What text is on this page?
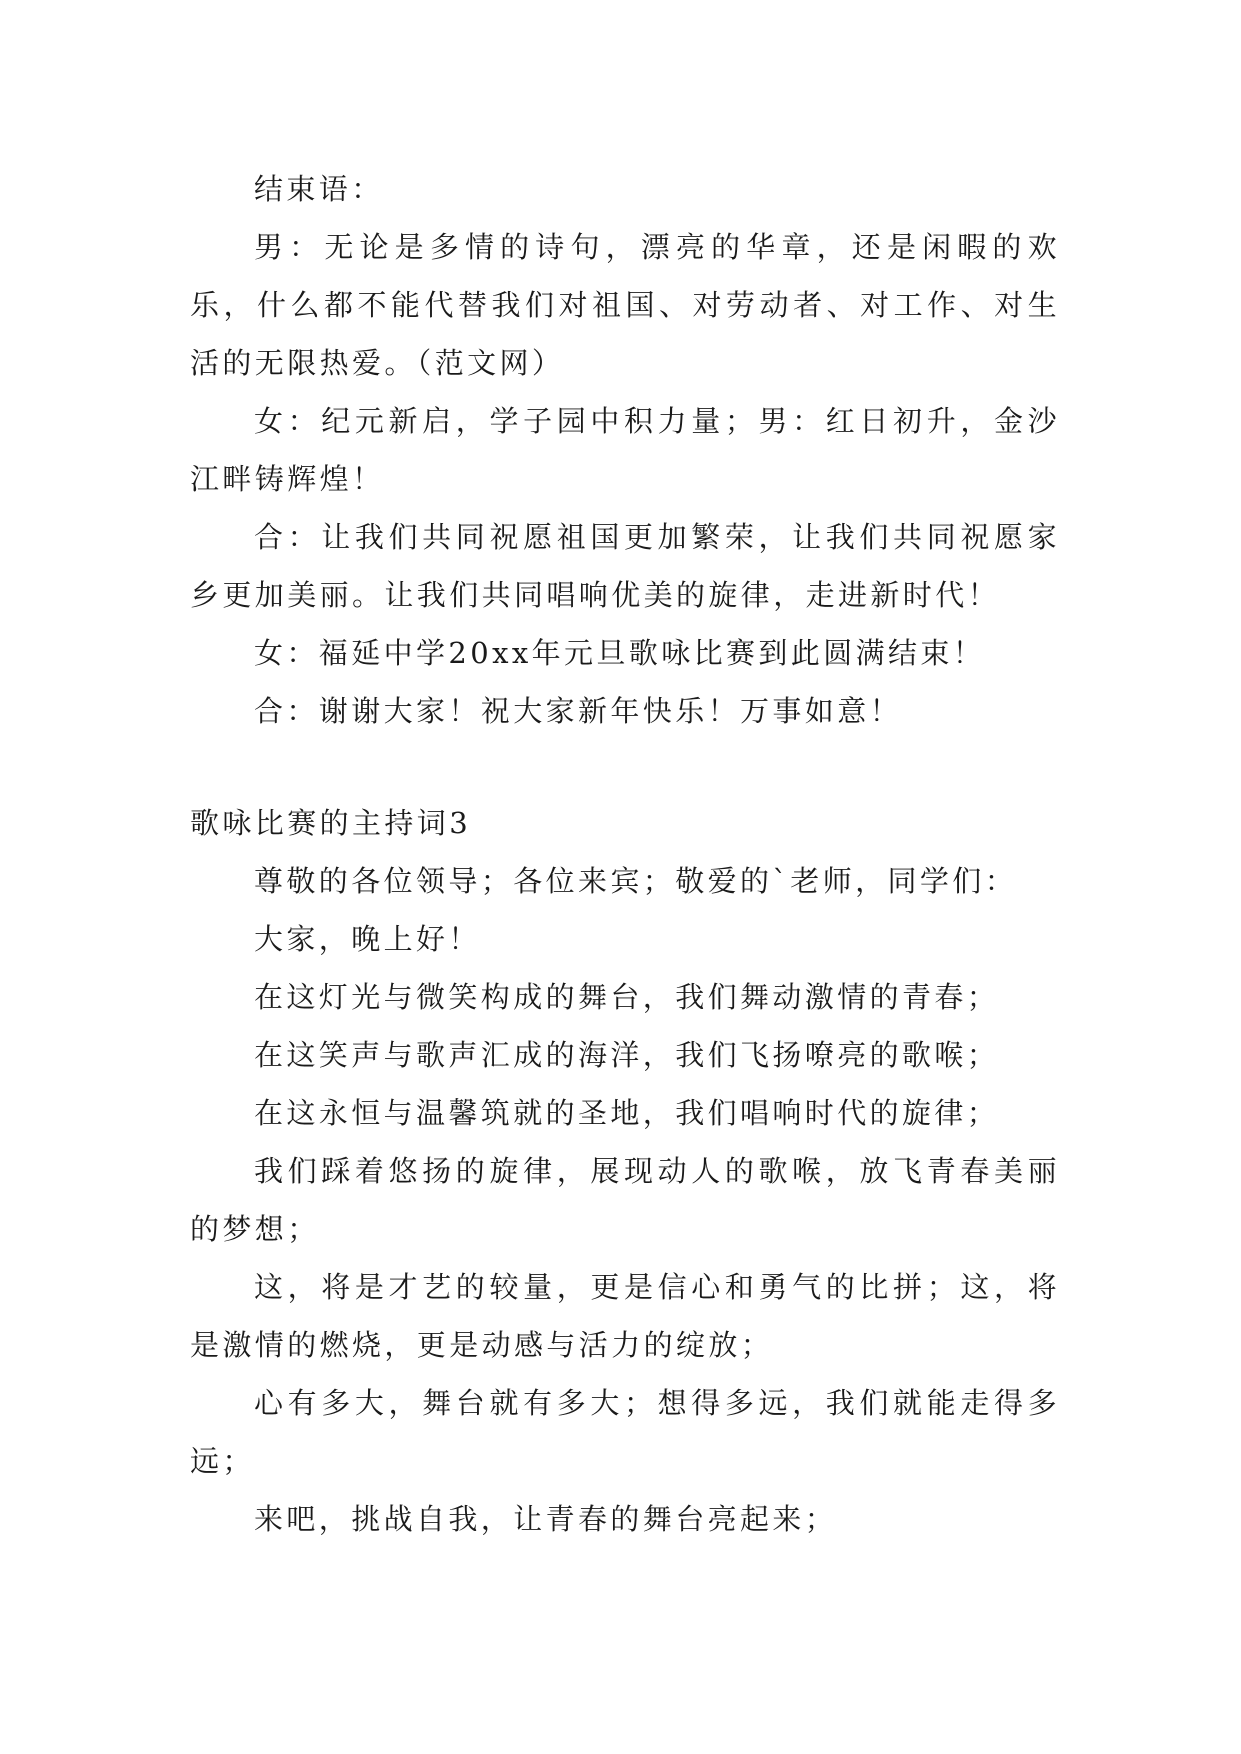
结束语：

男：无论是多情的诗句，漂亮的华章，还是闲暇的欢乐，什么都不能代替我们对祖国、对劳动者、对工作、对生活的无限热爱。（范文网）

女：纪元新启，学子园中积力量；男：红日初升，金沙江畔铸辉煌！

合：让我们共同祝愿祖国更加繁荣，让我们共同祝愿家乡更加美丽。让我们共同唱响优美的旋律，走进新时代！

女：福延中学20xx年元旦歌咏比赛到此圆满结束！

合：谢谢大家！祝大家新年快乐！万事如意！

歌咏比赛的主持词3

尊敬的各位领导；各位来宾；敬爱的`老师，同学们：

大家，晚上好！

在这灯光与微笑构成的舞台，我们舞动激情的青春；

在这笑声与歌声汇成的海洋，我们飞扬嘹亮的歌喉；

在这永恒与温馨筑就的圣地，我们唱响时代的旋律；

我们踩着悠扬的旋律，展现动人的歌喉，放飞青春美丽的梦想；

这，将是才艺的较量，更是信心和勇气的比拼；这，将是激情的燃烧，更是动感与活力的绽放；

心有多大，舞台就有多大；想得多远，我们就能走得多远；

来吧，挑战自我，让青春的舞台亮起来；
